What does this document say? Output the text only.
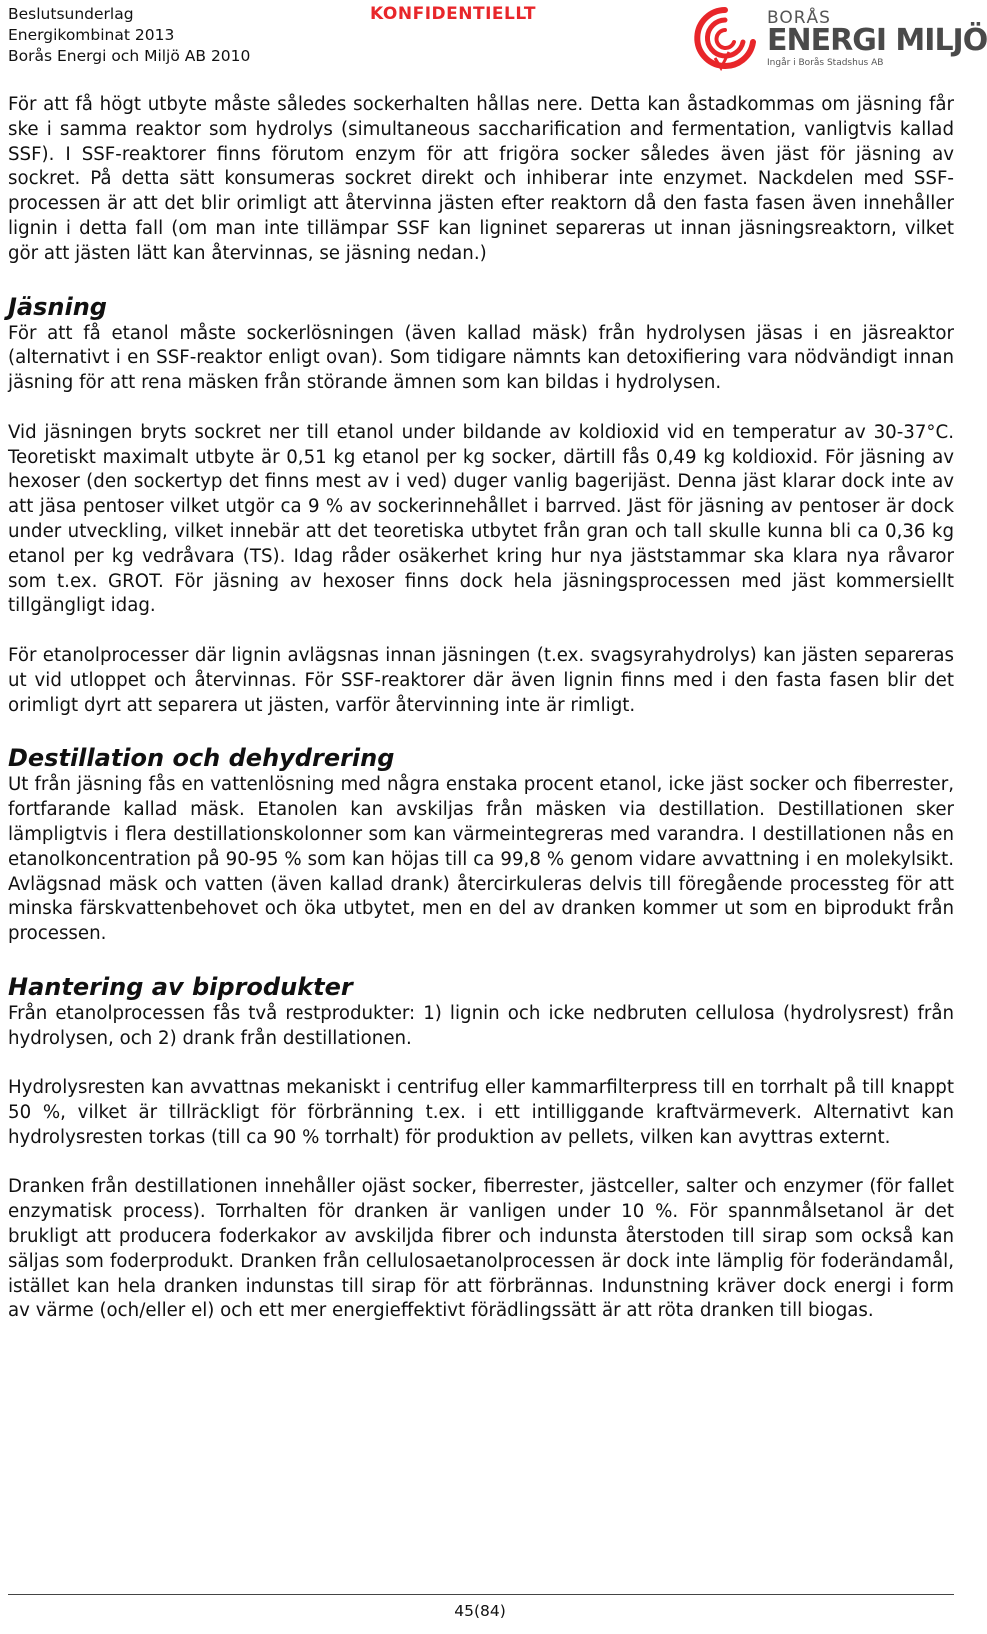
Beslutsunderlag
Energikombinat 2013
Borås Energi och Miljö AB 2010
KONFIDENTIELLT	BORÅS
ENERGI MILJÖ
Ingår i Borås Stadshus AB

För att få högt utbyte måste således sockerhalten hållas nere. Detta kan åstadkommas om jäsning får ske i samma reaktor som hydrolys (simultaneous saccharification and fermentation, vanligtvis kallad SSF). I SSF-reaktorer finns förutom enzym för att frigöra socker således även jäst för jäsning av sockret. På detta sätt konsumeras sockret direkt och inhiberar inte enzymet. Nackdelen med SSF-processen är att det blir orimligt att återvinna jästen efter reaktorn då den fasta fasen även innehåller lignin i detta fall (om man inte tillämpar SSF kan ligninet separeras ut innan jäsningsreaktorn, vilket gör att jästen lätt kan återvinnas, se jäsning nedan.)

Jäsning

För att få etanol måste sockerlösningen (även kallad mäsk) från hydrolysen jäsas i en jäsreaktor (alternativt i en SSF-reaktor enligt ovan). Som tidigare nämnts kan detoxifiering vara nödvändigt innan jäsning för att rena mäsken från störande ämnen som kan bildas i hydrolysen.

Vid jäsningen bryts sockret ner till etanol under bildande av koldioxid vid en temperatur av 30-37°C. Teoretiskt maximalt utbyte är 0,51 kg etanol per kg socker, därtill fås 0,49 kg koldioxid. För jäsning av hexoser (den sockertyp det finns mest av i ved) duger vanlig bagerijäst. Denna jäst klarar dock inte av att jäsa pentoser vilket utgör ca 9 % av sockerinnehållet i barrved. Jäst för jäsning av pentoser är dock under utveckling, vilket innebär att det teoretiska utbytet från gran och tall skulle kunna bli ca 0,36 kg etanol per kg vedråvara (TS). Idag råder osäkerhet kring hur nya jäststammar ska klara nya råvaror som t.ex. GROT. För jäsning av hexoser finns dock hela jäsningsprocessen med jäst kommersiellt tillgängligt idag.

För etanolprocesser där lignin avlägsnas innan jäsningen (t.ex. svagsyrahydrolys) kan jästen separeras ut vid utloppet och återvinnas. För SSF-reaktorer där även lignin finns med i den fasta fasen blir det orimligt dyrt att separera ut jästen, varför återvinning inte är rimligt.

Destillation och dehydrering

Ut från jäsning fås en vattenlösning med några enstaka procent etanol, icke jäst socker och fiberrester, fortfarande kallad mäsk. Etanolen kan avskiljas från mäsken via destillation. Destillationen sker lämpligtvis i flera destillationskolonner som kan värmeintegreras med varandra. I destillationen nås en etanolkoncentration på 90-95 % som kan höjas till ca 99,8 % genom vidare avvattning i en molekylsikt. Avlägsnad mäsk och vatten (även kallad drank) återcirkuleras delvis till föregående processteg för att minska färskvattenbehovet och öka utbytet, men en del av dranken kommer ut som en biprodukt från processen.

Hantering av biprodukter

Från etanolprocessen fås två restprodukter: 1) lignin och icke nedbruten cellulosa (hydrolysrest) från hydrolysen, och 2) drank från destillationen.

Hydrolysresten kan avvattnas mekaniskt i centrifug eller kammarfilterpress till en torrhalt på till knappt 50 %, vilket är tillräckligt för förbränning t.ex. i ett intilliggande kraftvärmeverk. Alternativt kan hydrolysresten torkas (till ca 90 % torrhalt) för produktion av pellets, vilken kan avyttras externt.

Dranken från destillationen innehåller ojäst socker, fiberrester, jästceller, salter och enzymer (för fallet enzymatisk process). Torrhalten för dranken är vanligen under 10 %. För spannmålsetanol är det brukligt att producera foderkakor av avskiljda fibrer och indunsta återstoden till sirap som också kan säljas som foderprodukt. Dranken från cellulosaetanolprocessen är dock inte lämplig för foderändamål, istället kan hela dranken indunstas till sirap för att förbrännas. Indunstning kräver dock energi i form av värme (och/eller el) och ett mer energieffektivt förädlingssätt är att röta dranken till biogas.

45(84)
